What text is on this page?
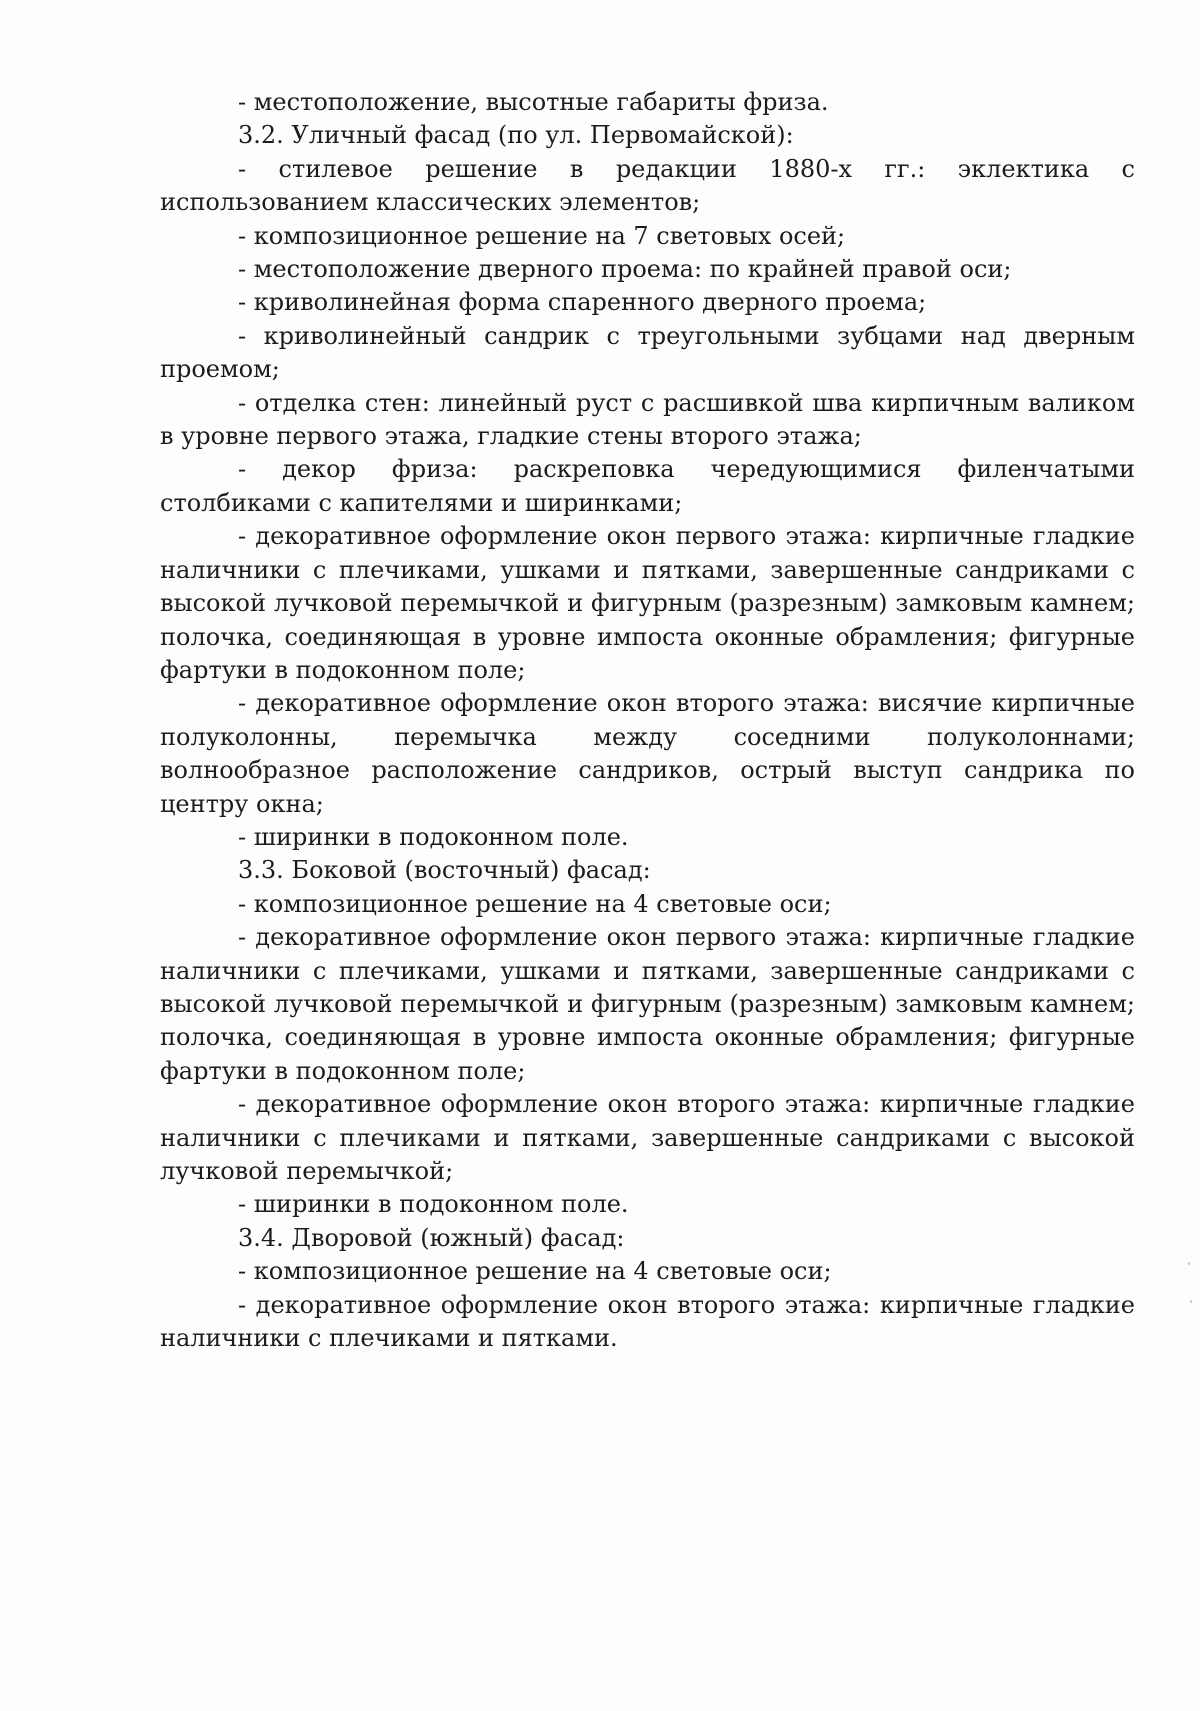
- местоположение, высотные габариты фриза.

3.2. Уличный фасад (по ул. Первомайской):

- стилевое решение в редакции 1880-х гг.: эклектика с использованием классических элементов;

- композиционное решение на 7 световых осей;

- местоположение дверного проема: по крайней правой оси;

- криволинейная форма спаренного дверного проема;

- криволинейный сандрик с треугольными зубцами над дверным проемом;

- отделка стен: линейный руст с расшивкой шва кирпичным валиком в уровне первого этажа, гладкие стены второго этажа;

- декор фриза: раскреповка чередующимися филенчатыми столбиками с капителями и ширинками;

- декоративное оформление окон первого этажа: кирпичные гладкие наличники с плечиками, ушками и пятками, завершенные сандриками с высокой лучковой перемычкой и фигурным (разрезным) замковым камнем; полочка, соединяющая в уровне импоста оконные обрамления; фигурные фартуки в подоконном поле;

- декоративное оформление окон второго этажа: висячие кирпичные полуколонны, перемычка между соседними полуколоннами; волнообразное расположение сандриков, острый выступ сандрика по центру окна;

- ширинки в подоконном поле.

3.3. Боковой (восточный) фасад:

- композиционное решение на 4 световые оси;

- декоративное оформление окон первого этажа: кирпичные гладкие наличники с плечиками, ушками и пятками, завершенные сандриками с высокой лучковой перемычкой и фигурным (разрезным) замковым камнем; полочка, соединяющая в уровне импоста оконные обрамления; фигурные фартуки в подоконном поле;

- декоративное оформление окон второго этажа: кирпичные гладкие наличники с плечиками и пятками, завершенные сандриками с высокой лучковой перемычкой;

- ширинки в подоконном поле.

3.4. Дворовой (южный) фасад:

- композиционное решение на 4 световые оси;

- декоративное оформление окон второго этажа: кирпичные гладкие наличники с плечиками и пятками.
